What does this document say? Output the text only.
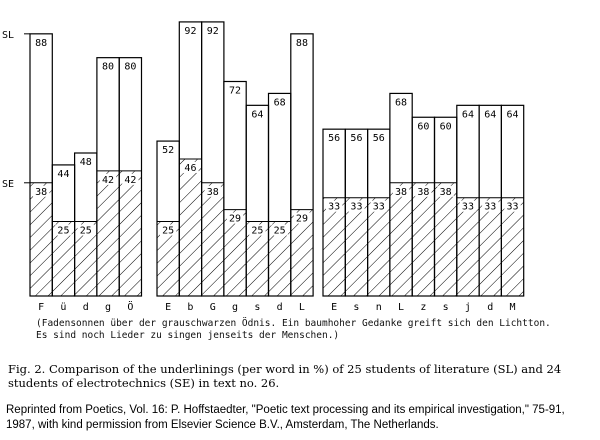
SL
SE
88
38
F
44
25
ü
48
25
d
80
42
g
80
42
Ö
52
25
E
92
46
b
92
38
G
72
29
g
64
25
s
68
25
d
88
29
L
56
33
E
56
33
s
56
33
n
68
38
L
60
38
z
60
38
s
64
33
j
64
33
d
64
33
M
(Fadensonnen über der grauschwarzen Ödnis. Ein baumhoher Gedanke greift sich den Lichtton. Es sind noch Lieder zu singen jenseits der Menschen.)
Fig. 2. Comparison of the underlinings (per word in %) of 25 students of literature (SL) and 24 students of electrotechnics (SE) in text no. 26.
Reprinted from Poetics, Vol. 16: P. Hoffstaedter, "Poetic text processing and its empirical investigation," 75-91, 1987, with kind permission from Elsevier Science B.V., Amsterdam, The Netherlands.
